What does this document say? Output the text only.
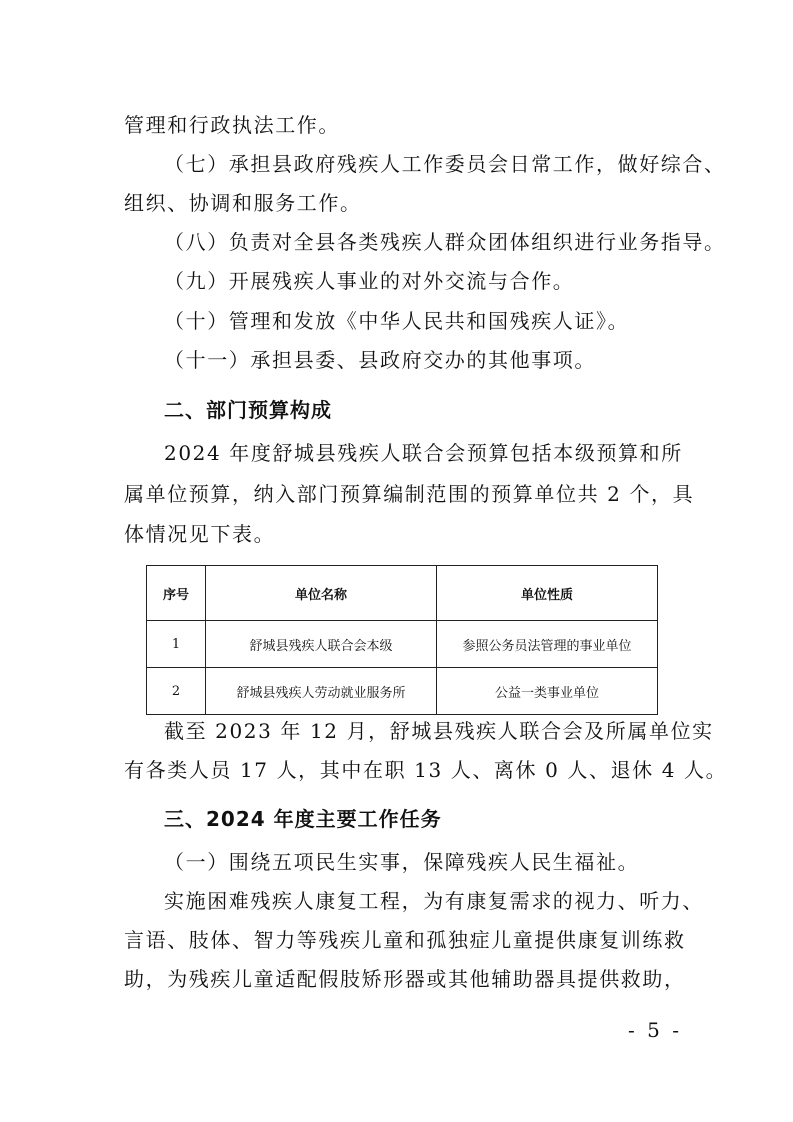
管理和行政执法工作。
（七）承担县政府残疾人工作委员会日常工作，做好综合、
组织、协调和服务工作。
（八）负责对全县各类残疾人群众团体组织进行业务指导。
（九）开展残疾人事业的对外交流与合作。
（十）管理和发放《中华人民共和国残疾人证》。
（十一）承担县委、县政府交办的其他事项。
二、部门预算构成
2024 年度舒城县残疾人联合会预算包括本级预算和所
属单位预算，纳入部门预算编制范围的预算单位共 2 个，具
体情况见下表。
序号	单位名称	单位性质
1	舒城县残疾人联合会本级	参照公务员法管理的事业单位
2	舒城县残疾人劳动就业服务所	公益一类事业单位
截至 2023 年 12 月，舒城县残疾人联合会及所属单位实
有各类人员 17 人，其中在职 13 人、离休 0 人、退休 4 人。
三、2024 年度主要工作任务
（一）围绕五项民生实事，保障残疾人民生福祉。
实施困难残疾人康复工程，为有康复需求的视力、听力、
言语、肢体、智力等残疾儿童和孤独症儿童提供康复训练救
助，为残疾儿童适配假肢矫形器或其他辅助器具提供救助，
- 5 -
